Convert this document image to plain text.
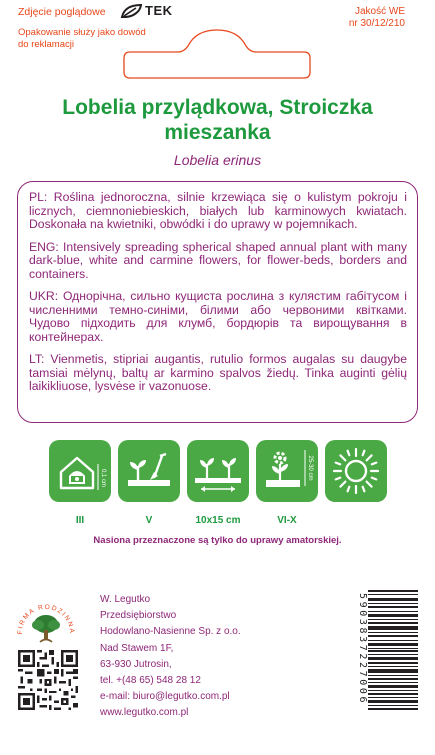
Zdjęcie poglądowe	TEK	Jakość WE
nr 30/12/210
Opakowanie służy jako dowód do reklamacji
Lobelia przylądkowa, Stroiczka mieszanka
Lobelia erinus

PL: Roślina jednoroczna, silnie krzewiąca się o kulistym pokroju i licznych, ciemnoniebieskich, białych lub karminowych kwiatach. Doskonała na kwietniki, obwódki i do uprawy w pojemnikach.

ENG: Intensively spreading spherical shaped annual plant with many dark-blue, white and carmine flowers, for flower-beds, borders and containers.

UKR: Однорічна, сильно кущиста рослина з кулястим габітусом і численними темно-синіми, білими або червоними квітками. Чудово підходить для клумб, бордюрів та вирощування в контейнерах.

LT: Vienmetis, stipriai augantis, rutulio formos augalas su daugybe tamsiai mėlynų, baltų ar karmino spalvos žiedų. Tinka auginti gėlių laikikliuose, lysvėse ir vazonuose.

0,1 cm	25-30 cm
III	V	10x15 cm	VI-X
Nasiona przeznaczone są tylko do uprawy amatorskiej.
FIRMA RODZINNA
W. Legutko
Przedsiębiorstwo
Hodowlano-Nasienne Sp. z o.o.
Nad Stawem 1F,
63-930 Jutrosin,
tel. +(48 65) 548 28 12
e-mail: biuro@legutko.com.pl
www.legutko.com.pl
5903837227006
